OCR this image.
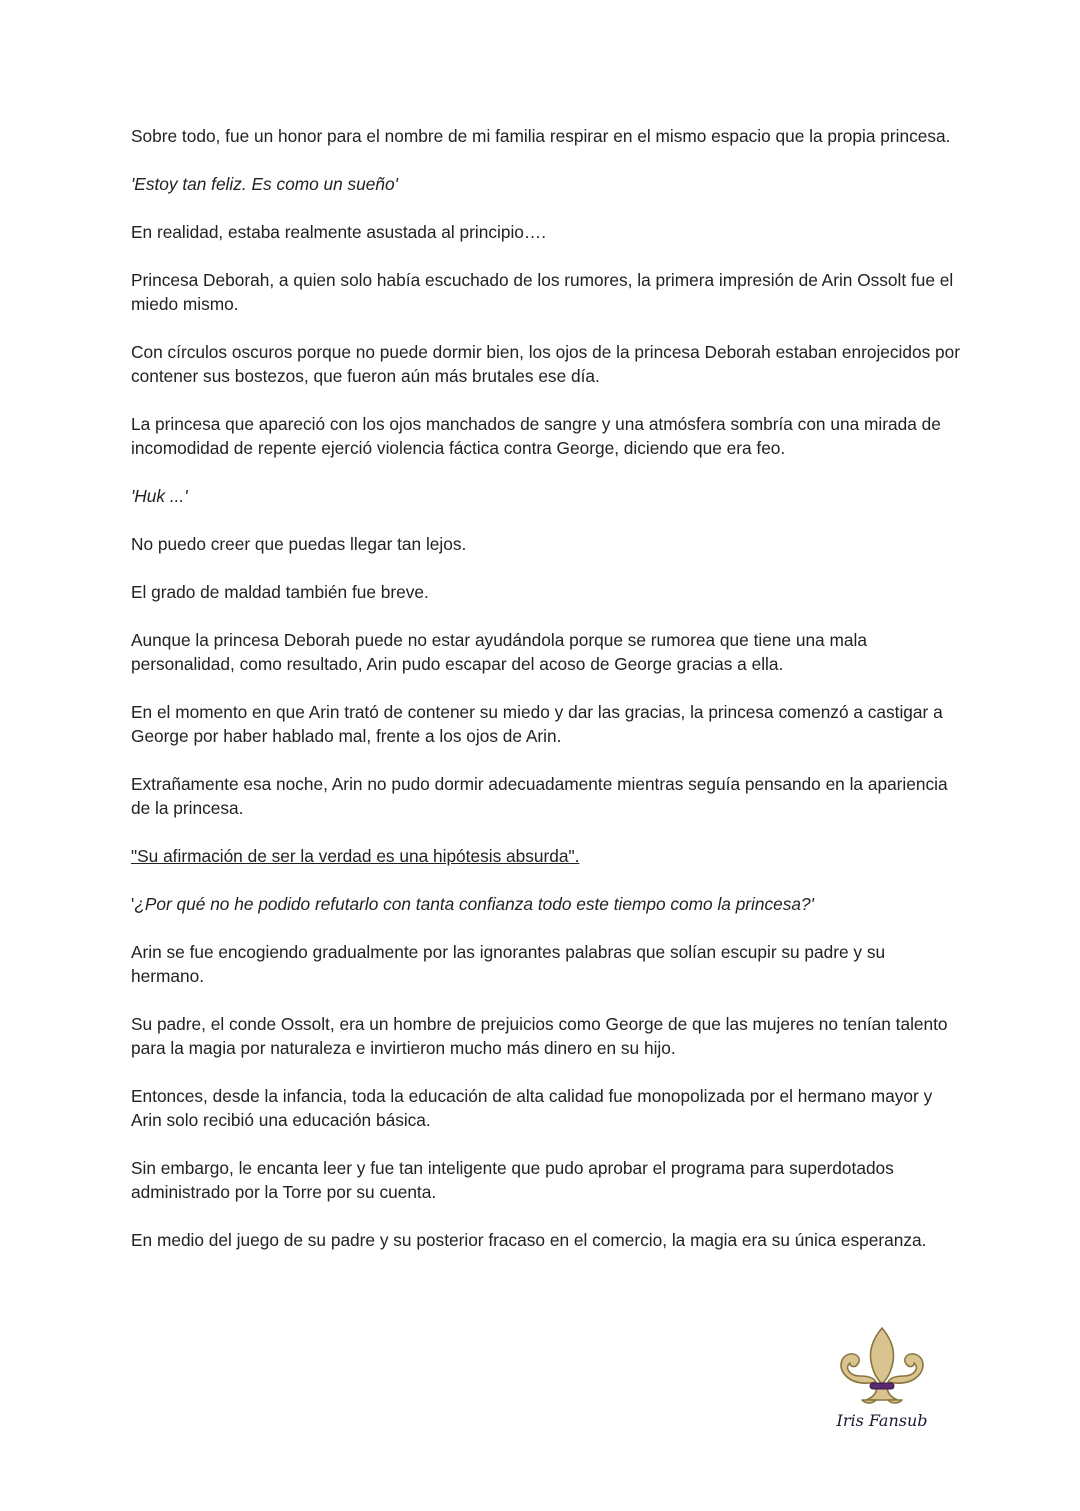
Sobre todo, fue un honor para el nombre de mi familia respirar en el mismo espacio que la propia princesa.

'Estoy tan feliz. Es como un sueño'

En realidad, estaba realmente asustada al principio….

Princesa Deborah, a quien solo había escuchado de los rumores, la primera impresión de Arin Ossolt fue el miedo mismo.

Con círculos oscuros porque no puede dormir bien, los ojos de la princesa Deborah estaban enrojecidos por contener sus bostezos, que fueron aún más brutales ese día.

La princesa que apareció con los ojos manchados de sangre y una atmósfera sombría con una mirada de incomodidad de repente ejerció violencia fáctica contra George, diciendo que era feo.

'Huk ...'

No puedo creer que puedas llegar tan lejos.

El grado de maldad también fue breve.

Aunque la princesa Deborah puede no estar ayudándola porque se rumorea que tiene una mala personalidad, como resultado, Arin pudo escapar del acoso de George gracias a ella.

En el momento en que Arin trató de contener su miedo y dar las gracias, la princesa comenzó a castigar a George por haber hablado mal, frente a los ojos de Arin.

Extrañamente esa noche, Arin no pudo dormir adecuadamente mientras seguía pensando en la apariencia de la princesa.

"Su afirmación de ser la verdad es una hipótesis absurda".

'¿Por qué no he podido refutarlo con tanta confianza todo este tiempo como la princesa?'

Arin se fue encogiendo gradualmente por las ignorantes palabras que solían escupir su padre y su hermano.

Su padre, el conde Ossolt, era un hombre de prejuicios como George de que las mujeres no tenían talento para la magia por naturaleza e invirtieron mucho más dinero en su hijo.

Entonces, desde la infancia, toda la educación de alta calidad fue monopolizada por el hermano mayor y Arin solo recibió una educación básica.

Sin embargo, le encanta leer y fue tan inteligente que pudo aprobar el programa para superdotados administrado por la Torre por su cuenta.

En medio del juego de su padre y su posterior fracaso en el comercio, la magia era su única esperanza.

Iris Fansub
